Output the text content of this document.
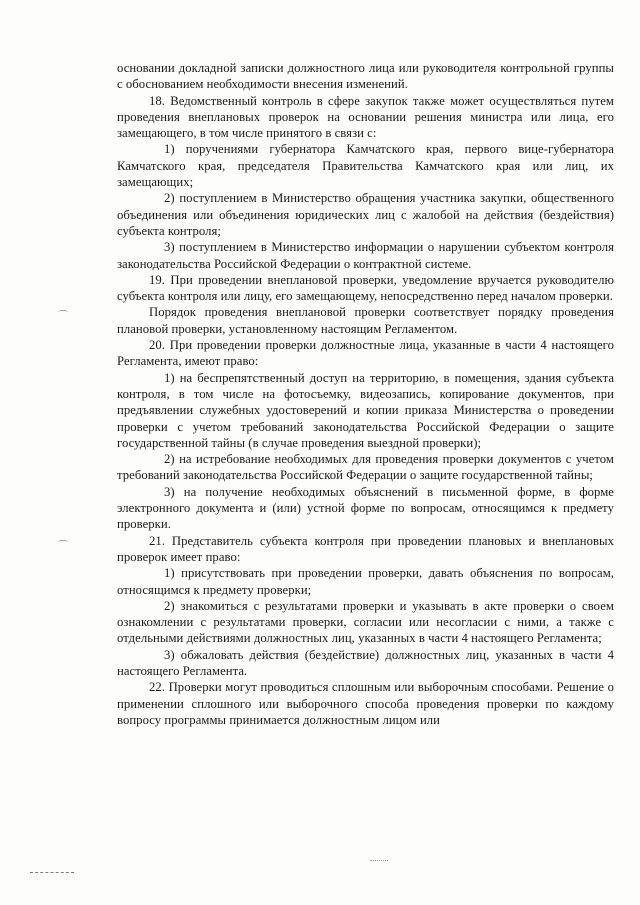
основании докладной записки должностного лица или руководителя контрольной группы с обоснованием необходимости внесения изменений.

18. Ведомственный контроль в сфере закупок также может осуществляться путем проведения внеплановых проверок на основании решения министра или лица, его замещающего, в том числе принятого в связи с:

1) поручениями губернатора Камчатского края, первого вице-губернатора Камчатского края, председателя Правительства Камчатского края или лиц, их замещающих;

2) поступлением в Министерство обращения участника закупки, общественного объединения или объединения юридических лиц с жалобой на действия (бездействия) субъекта контроля;

3) поступлением в Министерство информации о нарушении субъектом контроля законодательства Российской Федерации о контрактной системе.

19. При проведении внеплановой проверки, уведомление вручается руководителю субъекта контроля или лицу, его замещающему, непосредственно перед началом проверки.

Порядок проведения внеплановой проверки соответствует порядку проведения плановой проверки, установленному настоящим Регламентом.

20. При проведении проверки должностные лица, указанные в части 4 настоящего Регламента, имеют право:

1) на беспрепятственный доступ на территорию, в помещения, здания субъекта контроля, в том числе на фотосъемку, видеозапись, копирование документов, при предъявлении служебных удостоверений и копии приказа Министерства о проведении проверки с учетом требований законодательства Российской Федерации о защите государственной тайны (в случае проведения выездной проверки);

2) на истребование необходимых для проведения проверки документов с учетом требований законодательства Российской Федерации о защите государственной тайны;

3) на получение необходимых объяснений в письменной форме, в форме электронного документа и (или) устной форме по вопросам, относящимся к предмету проверки.

21. Представитель субъекта контроля при проведении плановых и внеплановых проверок имеет право:

1) присутствовать при проведении проверки, давать объяснения по вопросам, относящимся к предмету проверки;

2) знакомиться с результатами проверки и указывать в акте проверки о своем ознакомлении с результатами проверки, согласии или несогласии с ними, а также с отдельными действиями должностных лиц, указанных в части 4 настоящего Регламента;

3) обжаловать действия (бездействие) должностных лиц, указанных в части 4 настоящего Регламента.

22. Проверки могут проводиться сплошным или выборочным способами. Решение о применении сплошного или выборочного способа проведения проверки по каждому вопросу программы принимается должностным лицом или

⌒
⌒
